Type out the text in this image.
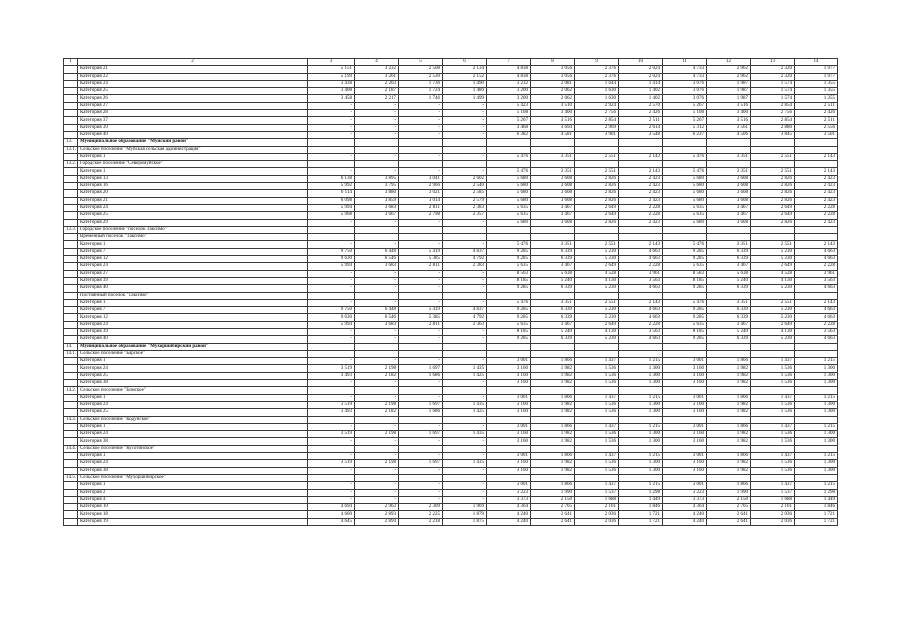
1	2	3	4	5	6	7	8	9	10	11	12	13	14
	Категория 21	5 151	3 232	2 508	2 134	4 838	3 056	2 376	2 024	4 733	2 962	2 320	1 977
	Категория 22	5 199	3 261	2 530	2 152	4 838	3 056	2 376	2 024	4 733	2 962	2 320	1 977
	Категория 24	3 438	2 203	1 736	1 490	3 232	2 081	1 644	1 414	3 076	1 987	1 574	1 355
	Категория 25	3 408	2 187	1 724	1 480	3 200	2 062	1 630	1 402	3 076	1 987	1 574	1 355
	Категория 26	3 458	2 217	1 746	1 499	3 200	2 062	1 630	1 402	3 076	1 987	1 574	1 355
	Категория 27	-	-	-	-	5 423	3 510	2 924	2 570	5 267	3 516	2 854	2 511
	Категория 28	-	-	-	-	5 108	3 400	2 756	2 426	5 108	3 400	2 756	2 426
	Категория 37	-	-	-	-	5 267	3 516	2 854	2 511	5 267	3 516	2 854	2 511
	Категория 39	-	-	-	-	3 468	3 694	2 969	2 614	5 312	3 561	2 880	2 556
	Категория 40	-	-	-	-	6 382	4 581	3 901	3 548	6 237	4 506	3 845	3 501
13.	Муниципальное образование "Муйский район"												
13.1.	Сельское поселение "Муйская сельская администрация"												
	Категория 1	-	-	-	-	5 476	3 351	2 551	2 143	5 476	3 351	2 551	2 143
13.2.	Городское поселение "Северомуйское"												
	Категория 1	-	-	-	-	5 476	3 351	2 551	2 143	5 476	3 351	2 551	2 143
	Категория 13	6 138	3 895	3 041	2 602	5 680	3 608	2 826	2 423	5 680	3 608	2 826	2 423
	Категория 16	5 992	3 795	2 966	2 540	5 680	3 608	2 826	2 423	5 680	3 608	2 826	2 423
	Категория 20	6 114	3 880	3 021	2 585	5 680	3 608	2 826	2 423	5 680	3 608	2 826	2 423
	Категория 21	6 098	3 859	3 014	2 579	5 680	3 608	2 826	2 423	5 680	3 608	2 826	2 423
	Категория 24	5 994	3 683	2 811	2 383	5 635	3 467	2 649	2 228	5 635	3 467	2 649	2 228
	Категория 25	5 968	3 667	2 798	2 357	5 635	3 467	2 649	2 228	5 635	3 467	2 649	2 228
	Категория 29	-	-	-	-	5 680	3 608	2 826	2 423	5 680	3 608	2 826	2 423
13.3.	Городское поселение "поселок Таксимо"												
	Временный поселок "Таксимо"												
	Категория 1	-	-	-	-	5 476	3 351	2 551	2 143	5 476	3 351	2 551	2 143
	Категория 7	9 750	6 448	5 419	4 837	9 285	6 339	5 230	4 663	9 285	6 339	5 230	4 663
	Категория 12	9 630	6 546	5 385	4 792	9 285	6 339	5 230	4 663	9 285	6 339	5 230	4 663
	Категория 24	5 994	3 683	2 811	2 383	5 635	3 467	2 649	2 228	5 635	3 467	2 649	2 228
	Категория 27	-	-	-	-	8 563	5 638	4 528	3 961	8 583	5 638	4 528	3 961
	Категория 39	-	-	-	-	8 185	5 240	4 130	3 563	8 185	5 240	4 130	3 563
	Категория 40	-	-	-	-	9 285	6 339	5 230	4 663	9 285	6 339	5 230	4 663
	Постоянный поселок "Таксимо"												
	Категория 1	-	-	-	-	5 476	3 351	2 551	2 143	5 476	3 351	2 551	2 143
	Категория 7	9 750	6 448	5 419	4 837	9 285	6 339	5 230	4 663	9 285	6 339	5 230	4 663
	Категория 12	9 630	6 546	5 385	4 792	9 285	6 339	5 230	4 663	9 285	6 339	5 230	4 663
	Категория 24	5 994	3 683	2 811	2 363	5 635	3 467	2 649	2 228	5 635	3 467	2 649	2 228
	Категория 39	-	-	-	-	8 185	5 240	4 130	3 563	8 185	5 240	4 130	3 563
	Категория 40	-	-	-	-	9 285	6 339	5 230	4 663	9 285	6 339	5 230	4 663
14.	Муниципальное образование "Мухоршибирский район"												
14.1.	Сельское поселение "Барское"												
	Категория 1	-	-	-	-	3 001	1 866	1 437	1 215	3 001	1 866	1 437	1 215
	Категория 24	3 519	2 198	1 697	1 435	3 160	1 982	1 536	1 300	3 160	1 982	1 536	1 300
	Категория 25	3 493	2 182	1 686	1 425	3 160	1 982	1 536	1 300	3 160	1 982	1 536	1 300
	Категория 38	-	-	-	-	3 160	1 982	1 536	1 300	3 160	1 982	1 536	1 300
14.2.	Сельское поселение "Бомское"												
	Категория 1	-	-	-	-	3 001	1 866	1 437	1 215	3 001	1 866	1 437	1 215
	Категория 24	3 519	2 198	1 697	1 435	3 160	1 982	1 536	1 300	3 160	1 982	1 536	1 300
	Категория 25	3 493	2 182	1 686	1 425	3 160	1 982	1 536	1 300	3 160	1 982	1 536	1 300
14.3.	Сельское поселение "Кодунское"												
	Категория 1	-	-	-	-	3 001	1 866	1 437	1 215	3 001	1 866	1 437	1 215
	Категория 24	3 519	2 198	1 697	1 435	3 160	1 982	1 536	1 300	3 160	1 982	1 536	1 300
	Категория 38	-	-	-	-	3 160	1 982	1 536	1 300	3 160	1 982	1 536	1 300
14.4.	Сельское поселение "Кусотинское"												
	Категория 1	-	-	-	-	3 001	1 866	1 437	1 215	3 001	1 866	1 437	1 215
	Категория 24	3 519	2 198	1 697	1 435	3 160	1 982	1 536	1 300	3 160	1 982	1 536	1 300
	Категория 38	-	-	-	-	3 160	1 982	1 536	1 300	3 160	1 982	1 536	1 300
14.5.	Сельское поселение "Мухоршибирское"												
	Категория 1	-	-	-	-	3 001	1 866	1 437	1 215	3 001	1 866	1 437	1 215
	Категория 2	-	-	-	-	3 223	1 990	1 537	1 298	3 223	1 990	1 537	1 298
	Категория 4	-	-	-	-	3 373	2 150	1 688	1 449	3 373	2 150	1 688	1 449
	Категория 10	4 694	2 963	2 309	1 969	4 364	2 765	2 161	1 846	4 364	2 765	2 161	1 846
	Категория 18	4 660	2 893	2 225	1 879	4 240	2 641	2 036	1 721	4 240	2 641	2 036	1 721
	Категория 19	4 645	2 894	2 218	1 875	4 240	2 641	2 036	1 721	4 240	2 641	2 036	1 721
